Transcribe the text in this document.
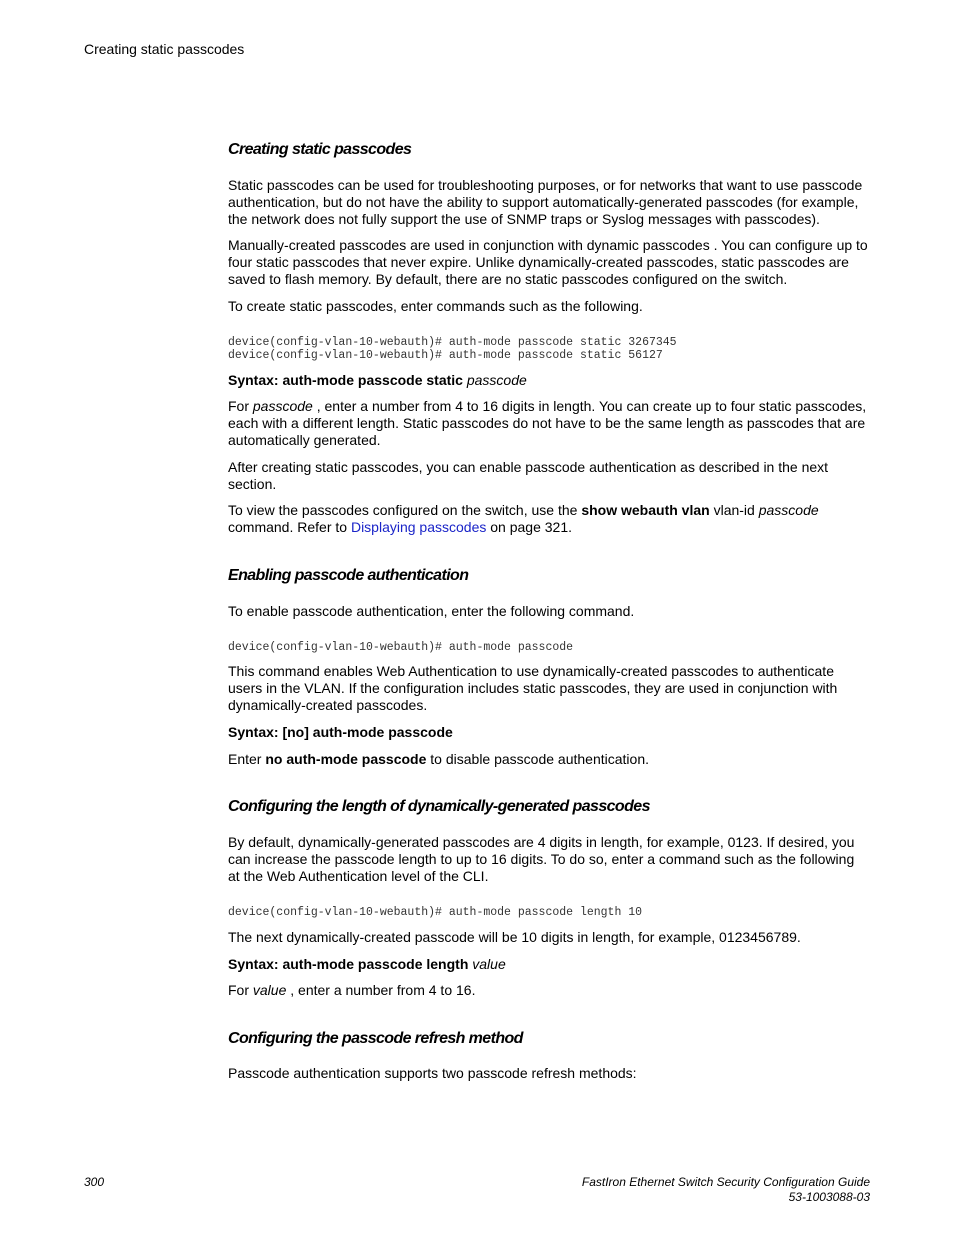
Creating static passcodes
Creating static passcodes

Static passcodes can be used for troubleshooting purposes, or for networks that want to use passcode authentication, but do not have the ability to support automatically-generated passcodes (for example, the network does not fully support the use of SNMP traps or Syslog messages with passcodes).

Manually-created passcodes are used in conjunction with dynamic passcodes . You can configure up to four static passcodes that never expire. Unlike dynamically-created passcodes, static passcodes are saved to flash memory. By default, there are no static passcodes configured on the switch.

To create static passcodes, enter commands such as the following.

device(config-vlan-10-webauth)# auth-mode passcode static 3267345
device(config-vlan-10-webauth)# auth-mode passcode static 56127

Syntax: auth-mode passcode static passcode

For passcode , enter a number from 4 to 16 digits in length. You can create up to four static passcodes, each with a different length. Static passcodes do not have to be the same length as passcodes that are automatically generated.

After creating static passcodes, you can enable passcode authentication as described in the next section.

To view the passcodes configured on the switch, use the show webauth vlan vlan-id passcode command. Refer to Displaying passcodes on page 321.

Enabling passcode authentication

To enable passcode authentication, enter the following command.

device(config-vlan-10-webauth)# auth-mode passcode

This command enables Web Authentication to use dynamically-created passcodes to authenticate users in the VLAN. If the configuration includes static passcodes, they are used in conjunction with dynamically-created passcodes.

Syntax: [no] auth-mode passcode

Enter no auth-mode passcode to disable passcode authentication.

Configuring the length of dynamically-generated passcodes

By default, dynamically-generated passcodes are 4 digits in length, for example, 0123. If desired, you can increase the passcode length to up to 16 digits. To do so, enter a command such as the following at the Web Authentication level of the CLI.

device(config-vlan-10-webauth)# auth-mode passcode length 10

The next dynamically-created passcode will be 10 digits in length, for example, 0123456789.

Syntax: auth-mode passcode length value

For value , enter a number from 4 to 16.

Configuring the passcode refresh method

Passcode authentication supports two passcode refresh methods:

300	FastIron Ethernet Switch Security Configuration Guide
53-1003088-03
